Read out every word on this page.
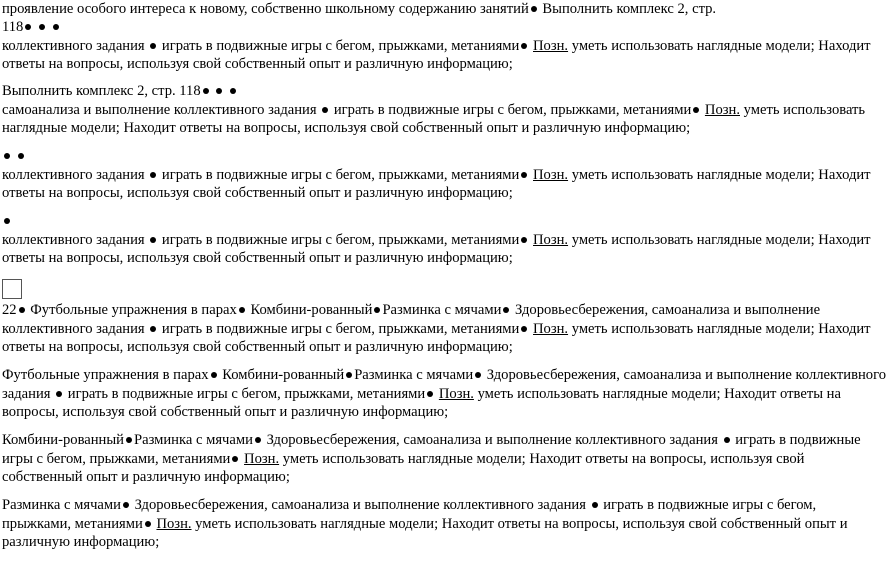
проявление особого интереса к новому, собственно школьному содержанию занятий Выполнить комплекс 2, стр.
118
коллективного задания  играть в подвижные игры с бегом, прыжками, метаниями Позн. уметь использовать наглядные модели; Находит
ответы на вопросы, используя свой собственный опыт и различную информацию;
Выполнить комплекс 2, стр. 118
самоанализа и выполнение коллективного задания  играть в подвижные игры с бегом, прыжками, метаниями Позн. уметь использовать
наглядные модели; Находит ответы на вопросы, используя свой собственный опыт и различную информацию;

коллективного задания  играть в подвижные игры с бегом, прыжками, метаниями Позн. уметь использовать наглядные модели; Находит
ответы на вопросы, используя свой собственный опыт и различную информацию;
коллективного задания  играть в подвижные игры с бегом, прыжками, метаниями Позн. уметь использовать наглядные модели; Находит
ответы на вопросы, используя свой собственный опыт и различную информацию;
22 Футбольные упражнения в парах Комбини-рованный Разминка с мячами Здоровьесбережения, самоанализа и выполнение
коллективного задания  играть в подвижные игры с бегом, прыжками, метаниями Позн. уметь использовать наглядные модели; Находит
ответы на вопросы, используя свой собственный опыт и различную информацию;
Футбольные упражнения в парах Комбини-рованный Разминка с мячами Здоровьесбережения, самоанализа и выполнение коллективного
задания  играть в подвижные игры с бегом, прыжками, метаниями Позн. уметь использовать наглядные модели; Находит ответы на
вопросы, используя свой собственный опыт и различную информацию;
Комбини-рованный Разминка с мячами Здоровьесбережения, самоанализа и выполнение коллективного задания  играть в подвижные
игры с бегом, прыжками, метаниями Позн. уметь использовать наглядные модели; Находит ответы на вопросы, используя свой
собственный опыт и различную информацию;
Разминка с мячами Здоровьесбережения, самоанализа и выполнение коллективного задания  играть в подвижные игры с бегом,
прыжками, метаниями Позн. уметь использовать наглядные модели; Находит ответы на вопросы, используя свой собственный опыт и
различную информацию;
